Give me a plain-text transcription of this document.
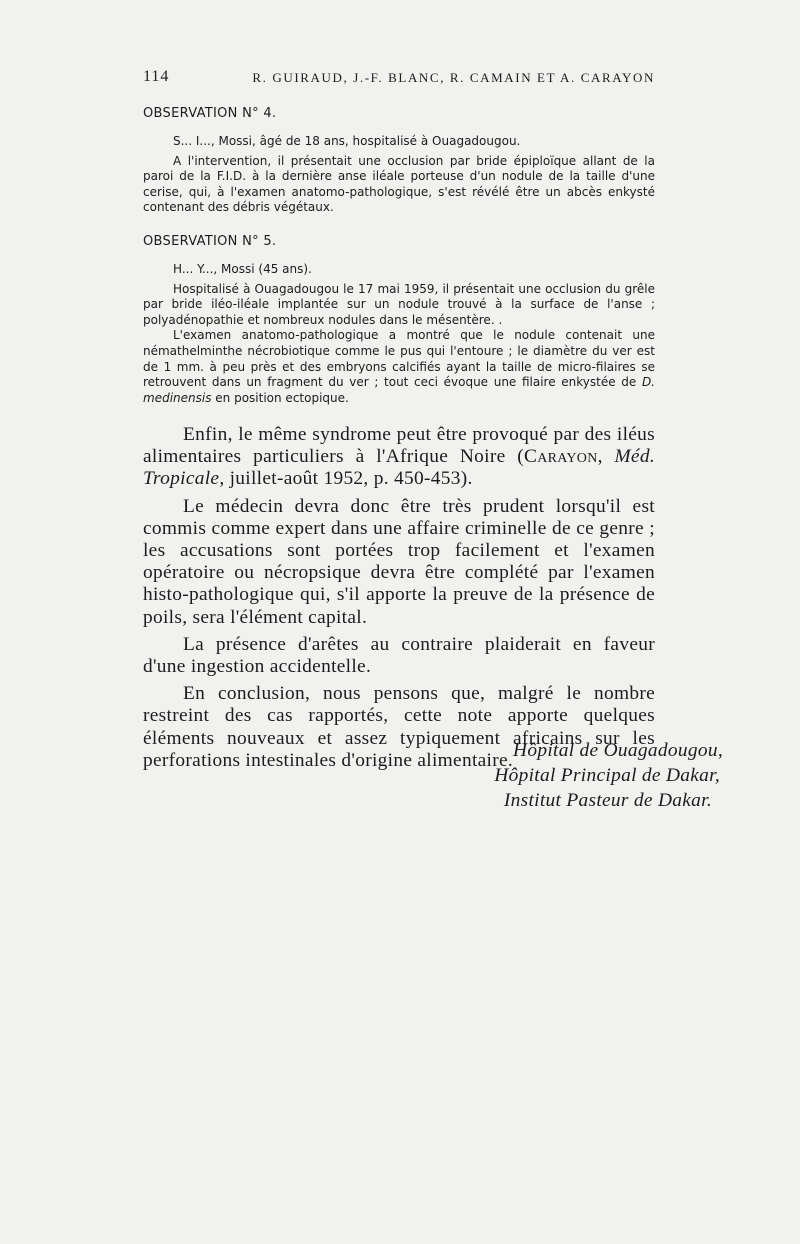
114	R. GUIRAUD, J.-F. BLANC, R. CAMAIN ET A. CARAYON
OBSERVATION N° 4.

S... I..., Mossi, âgé de 18 ans, hospitalisé à Ouagadougou.

A l'intervention, il présentait une occlusion par bride épiploïque allant de la paroi de la F.I.D. à la dernière anse iléale porteuse d'un nodule de la taille d'une cerise, qui, à l'examen anatomo-pathologique, s'est révélé être un abcès enkysté contenant des débris végétaux.

OBSERVATION N° 5.

H... Y..., Mossi (45 ans).

Hospitalisé à Ouagadougou le 17 mai 1959, il présentait une occlusion du grêle par bride iléo-iléale implantée sur un nodule trouvé à la surface de l'anse ; polyadénopathie et nombreux nodules dans le mésentère. .

L'examen anatomo-pathologique a montré que le nodule contenait une némathelminthe nécrobiotique comme le pus qui l'entoure ; le diamètre du ver est de 1 mm. à peu près et des embryons calcifiés ayant la taille de micro-filaires se retrouvent dans un fragment du ver ; tout ceci évoque une filaire enkystée de D. medinensis en position ectopique.

Enfin, le même syndrome peut être provoqué par des iléus alimentaires particuliers à l'Afrique Noire (Carayon, Méd. Tropicale, juillet-août 1952, p. 450-453).

Le médecin devra donc être très prudent lorsqu'il est commis comme expert dans une affaire criminelle de ce genre ; les accusations sont portées trop facilement et l'examen opératoire ou nécropsique devra être complété par l'examen histo-pathologique qui, s'il apporte la preuve de la présence de poils, sera l'élément capital.

La présence d'arêtes au contraire plaiderait en faveur d'une ingestion accidentelle.

En conclusion, nous pensons que, malgré le nombre restreint des cas rapportés, cette note apporte quelques éléments nouveaux et assez typiquement africains sur les perforations intestinales d'origine alimentaire. Hôpital de Ouagadougou,
Hôpital Principal de Dakar,
Institut Pasteur de Dakar.
